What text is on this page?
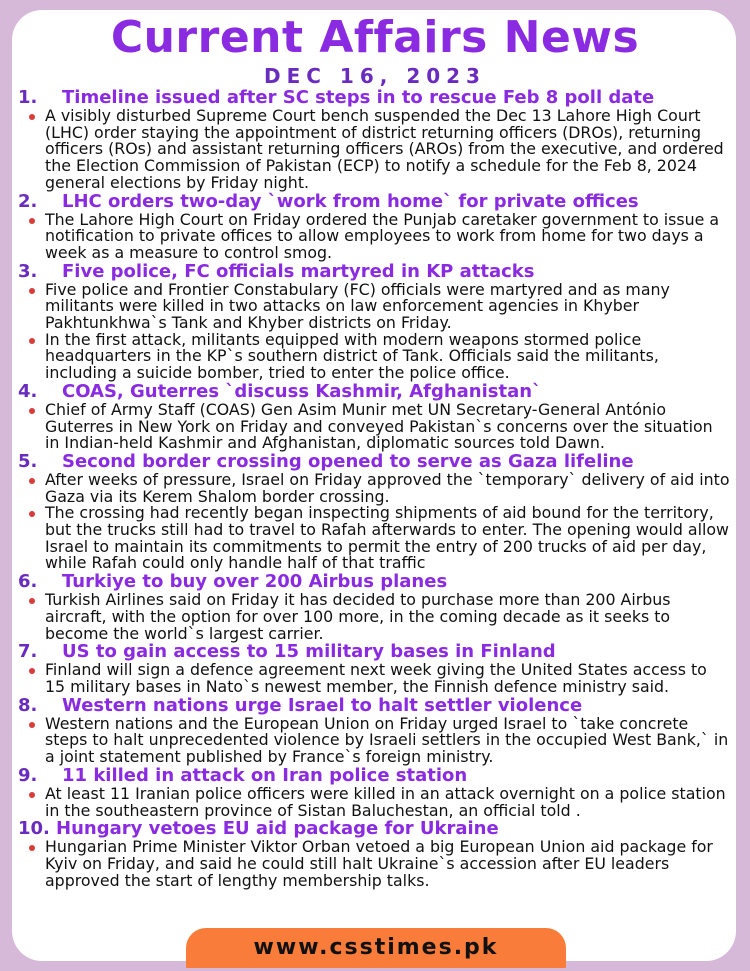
Current Affairs News
DEC 16, 2023
1.	Timeline issued after SC steps in to rescue Feb 8 poll date
A visibly disturbed Supreme Court bench suspended the Dec 13 Lahore High Court (LHC) order staying the appointment of district returning officers (DROs), returning officers (ROs) and assistant returning officers (AROs) from the executive, and ordered the Election Commission of Pakistan (ECP) to notify a schedule for the Feb 8, 2024 general elections by Friday night.
2.	LHC orders two-day `work from home` for private offices
The Lahore High Court on Friday ordered the Punjab caretaker government to issue a notification to private offices to allow employees to work from home for two days a week as a measure to control smog.
3.	Five police, FC officials martyred in KP attacks
Five police and Frontier Constabulary (FC) officials were martyred and as many militants were killed in two attacks on law enforcement agencies in Khyber Pakhtunkhwa`s Tank and Khyber districts on Friday.
In the first attack, militants equipped with modern weapons stormed police headquarters in the KP`s southern district of Tank. Officials said the militants, including a suicide bomber, tried to enter the police office.
4.	COAS, Guterres `discuss Kashmir, Afghanistan`
Chief of Army Staff (COAS) Gen Asim Munir met UN Secretary-General António Guterres in New York on Friday and conveyed Pakistan`s concerns over the situation in Indian-held Kashmir and Afghanistan, diplomatic sources told Dawn.
5.	Second border crossing opened to serve as Gaza lifeline
After weeks of pressure, Israel on Friday approved the `temporary` delivery of aid into Gaza via its Kerem Shalom border crossing.
The crossing had recently began inspecting shipments of aid bound for the territory, but the trucks still had to travel to Rafah afterwards to enter. The opening would allow Israel to maintain its commitments to permit the entry of 200 trucks of aid per day, while Rafah could only handle half of that traffic
6.	Turkiye to buy over 200 Airbus planes
Turkish Airlines said on Friday it has decided to purchase more than 200 Airbus aircraft, with the option for over 100 more, in the coming decade as it seeks to become the world`s largest carrier.
7.	US to gain access to 15 military bases in Finland
Finland will sign a defence agreement next week giving the United States access to 15 military bases in Nato`s newest member, the Finnish defence ministry said.
8.	Western nations urge Israel to halt settler violence
Western nations and the European Union on Friday urged Israel to `take concrete steps to halt unprecedented violence by Israeli settlers in the occupied West Bank,` in a joint statement published by France`s foreign ministry.
9.	11 killed in attack on Iran police station
At least 11 Iranian police officers were killed in an attack overnight on a police station in the southeastern province of Sistan Baluchestan, an official told .
10. Hungary vetoes EU aid package for Ukraine
Hungarian Prime Minister Viktor Orban vetoed a big European Union aid package for Kyiv on Friday, and said he could still halt Ukraine`s accession after EU leaders approved the start of lengthy membership talks.
www.csstimes.pk
